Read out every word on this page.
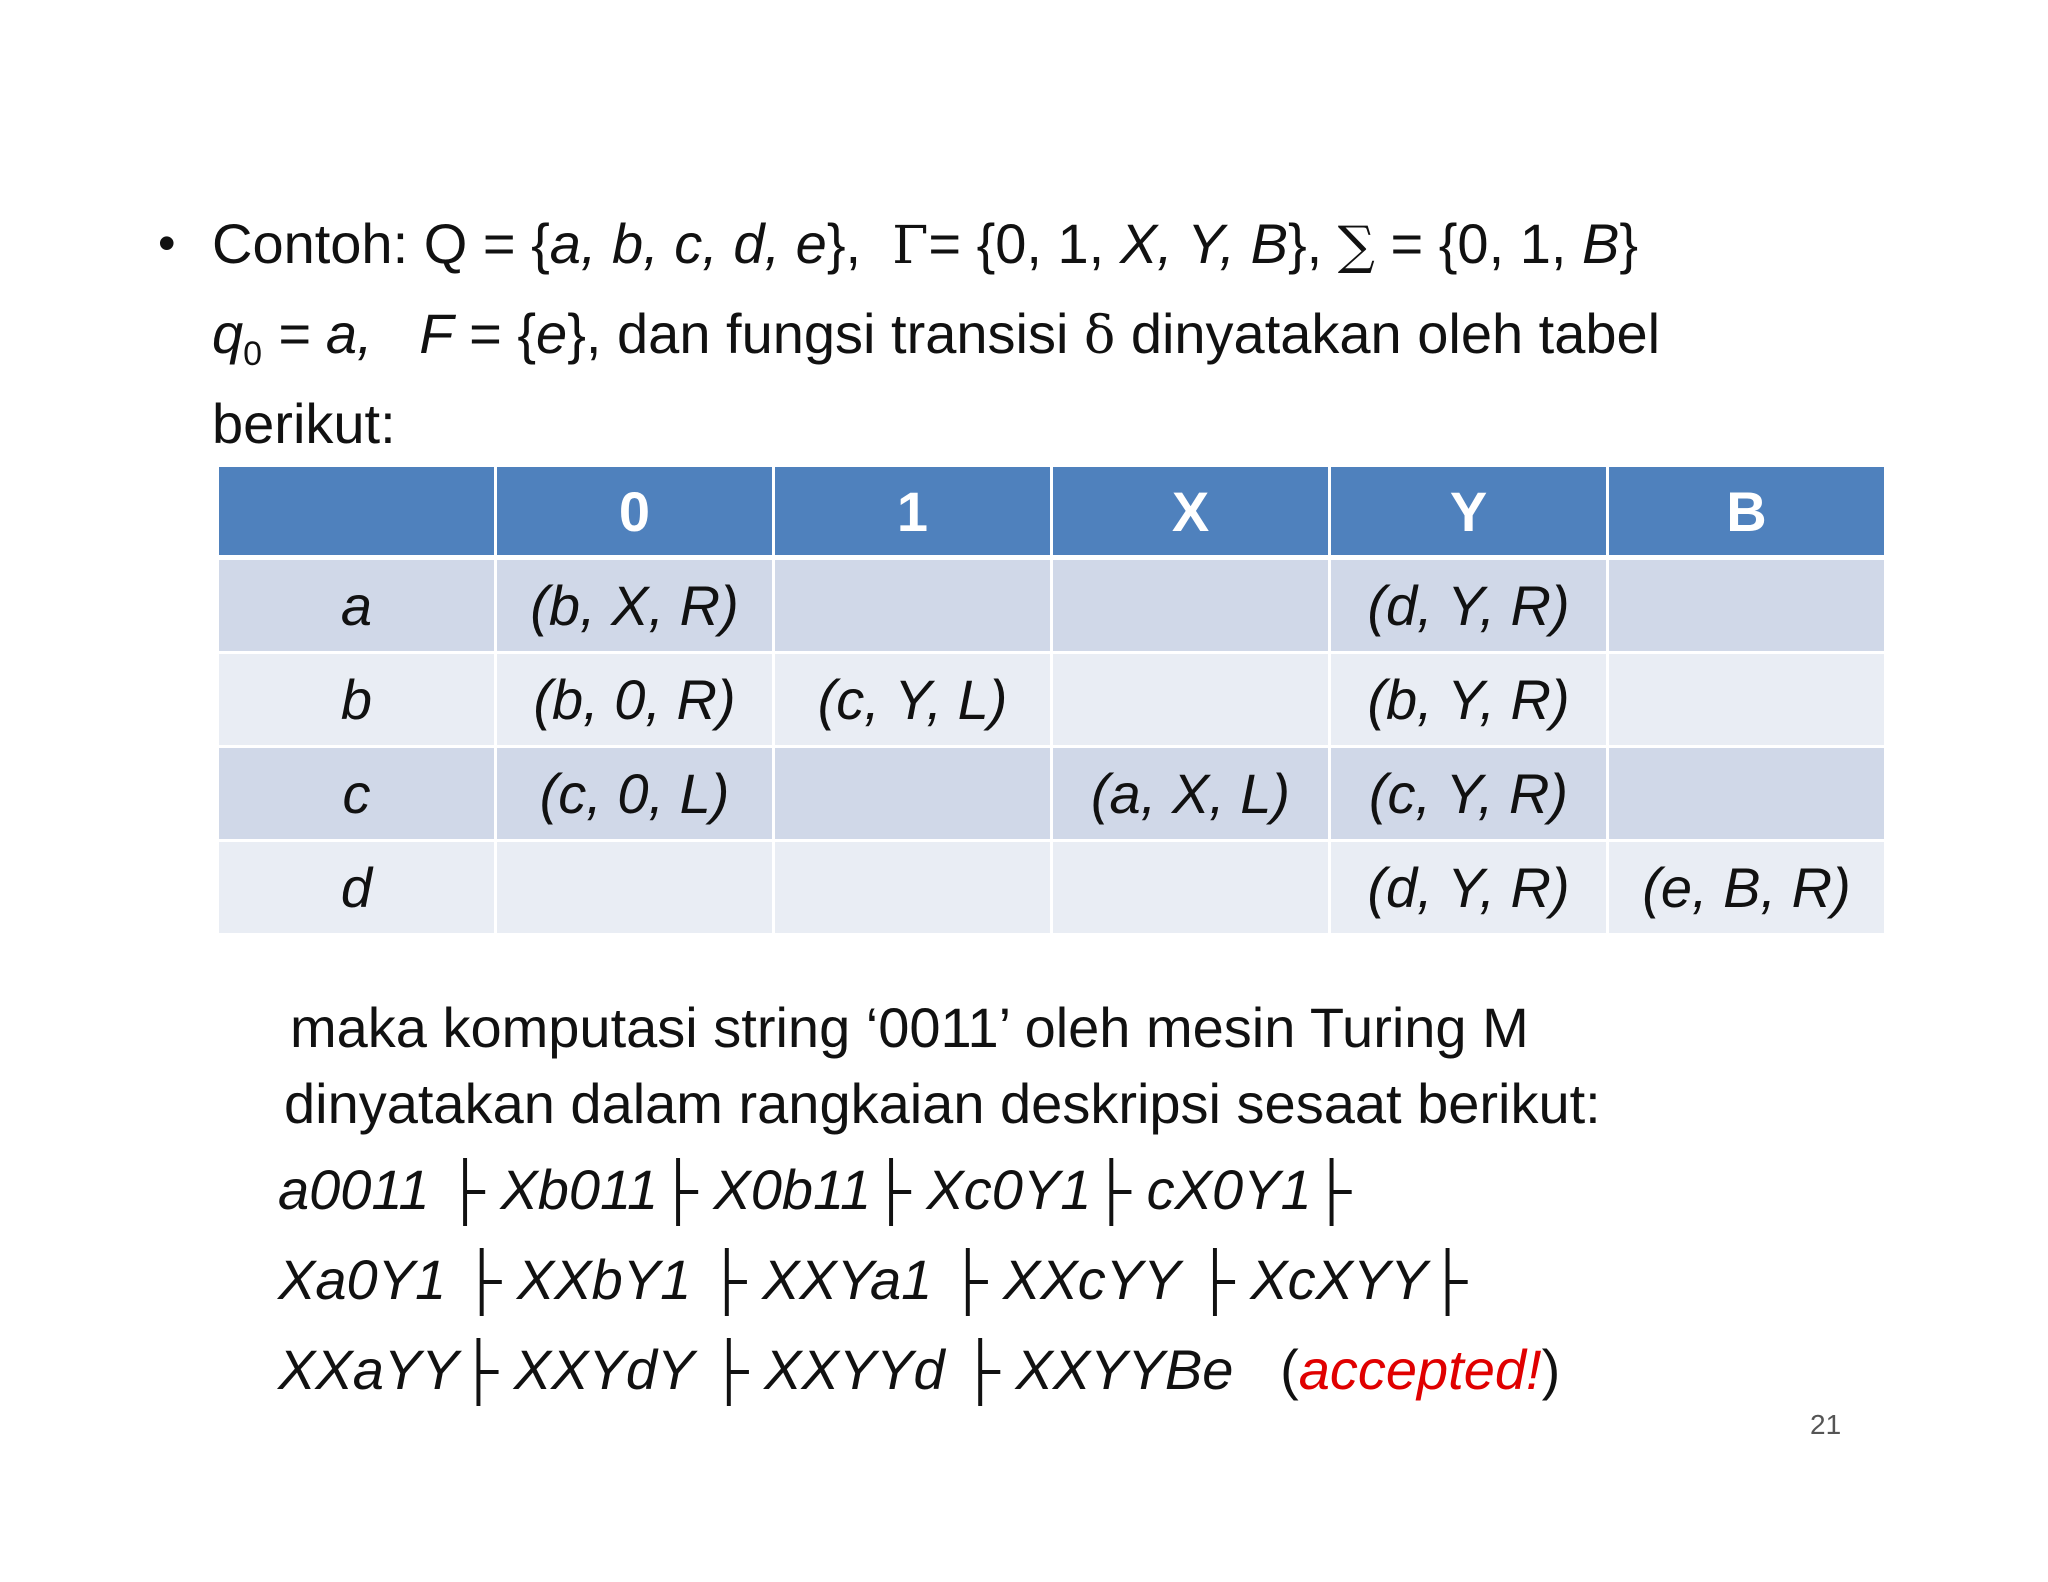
• Contoh: Q = {a, b, c, d, e},  Γ= {0, 1, X, Y, B}, ∑ = {0, 1, B}
$q_0 = a$, F = {e}, dan fungsi transisi δ dinyatakan oleh tabel
berikut:
	0	1	X	Y	B
a	(b, X, R)			(d, Y, R)	
b	(b, 0, R)	(c, Y, L)		(b, Y, R)	
c	(c, 0, L)		(a, X, L)	(c, Y, R)	
d				(d, Y, R)	(e, B, R)
maka komputasi string ‘0011’ oleh mesin Turing M
dinyatakan dalam rangkaian deskripsi sesaat berikut:
a0011 ├ Xb011├ X0b11├ Xc0Y1├ cX0Y1├
Xa0Y1 ├ XXbY1 ├ XXYa1 ├ XXcYY ├ XcXYY├
XXaYY├ XXYdY ├ XXYYd ├ XXYYBe (accepted!)
21
